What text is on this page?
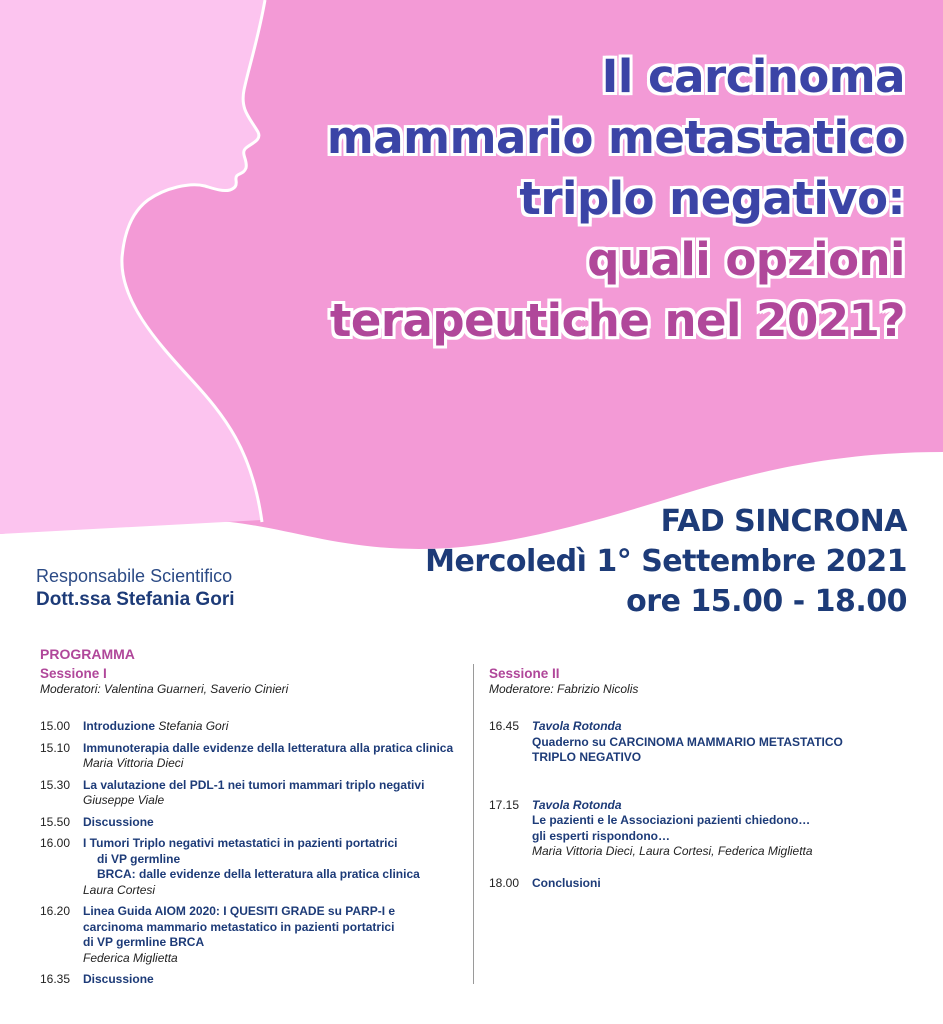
Il carcinoma
mammario metastatico
triplo negativo:
quali opzioni
terapeutiche nel 2021?
FAD SINCRONA
Mercoledì 1° Settembre 2021
ore 15.00 - 18.00
Responsabile Scientifico
Dott.ssa Stefania Gori
PROGRAMMA
Sessione I
Moderatori: Valentina Guarneri, Saverio Cinieri
15.00	Introduzione Stefania Gori
15.10	Immunoterapia dalle evidenze della letteratura alla pratica clinica
Maria Vittoria Dieci
15.30	La valutazione del PDL-1 nei tumori mammari triplo negativi
Giuseppe Viale
15.50	Discussione
16.00	I Tumori Triplo negativi metastatici in pazienti portatrici
di VP germline
BRCA: dalle evidenze della letteratura alla pratica clinica
Laura Cortesi
16.20	Linea Guida AIOM 2020: I QUESITI GRADE su PARP-I e
carcinoma mammario metastatico in pazienti portatrici
di VP germline BRCA
Federica Miglietta
16.35	Discussione
Sessione II
Moderatore: Fabrizio Nicolis
16.45	Tavola Rotonda
Quaderno su CARCINOMA MAMMARIO METASTATICO
TRIPLO NEGATIVO
17.15	Tavola Rotonda
Le pazienti e le Associazioni pazienti chiedono…
gli esperti rispondono…
Maria Vittoria Dieci, Laura Cortesi, Federica Miglietta
18.00	Conclusioni
